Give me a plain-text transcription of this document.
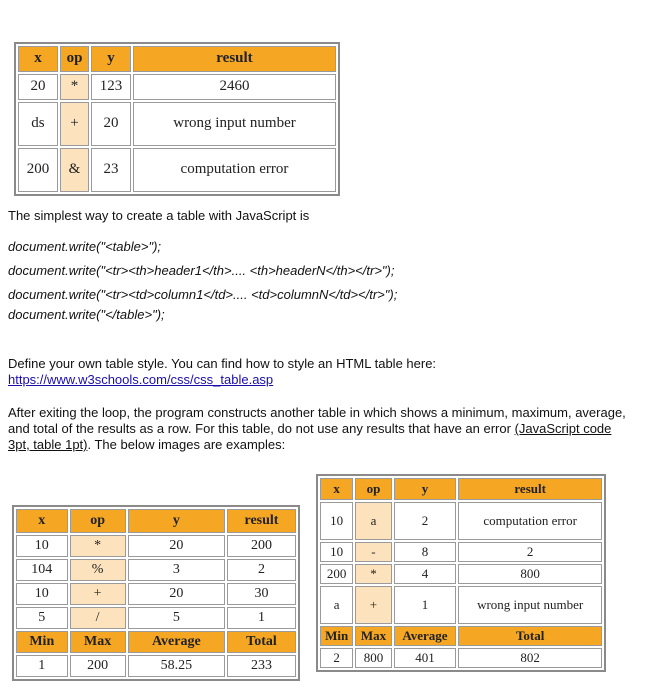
x	op	y	result
20	*	123	2460
ds	+	20	wrong input number
200	&	23	computation error
The simplest way to create a table with JavaScript is
document.write("<table>");
document.write("<tr><th>header1</th>.... <th>headerN</th></tr>");
document.write("<tr><td>column1</td>.... <td>columnN</td></tr>");
document.write("</table>");
Define your own table style. You can find how to style an HTML table here:
https://www.w3schools.com/css/css_table.asp
After exiting the loop, the program constructs another table in which shows a minimum, maximum, average, and total of the results as a row. For this table, do not use any results that have an error (JavaScript code 3pt, table 1pt). The below images are examples:
x	op	y	result
10	*	20	200
104	%	3	2
10	+	20	30
5	/	5	1
Min	Max	Average	Total
1	200	58.25	233
x	op	y	result
10	a	2	computation error
10	-	8	2
200	*	4	800
a	+	1	wrong input number
Min	Max	Average	Total
2	800	401	802
